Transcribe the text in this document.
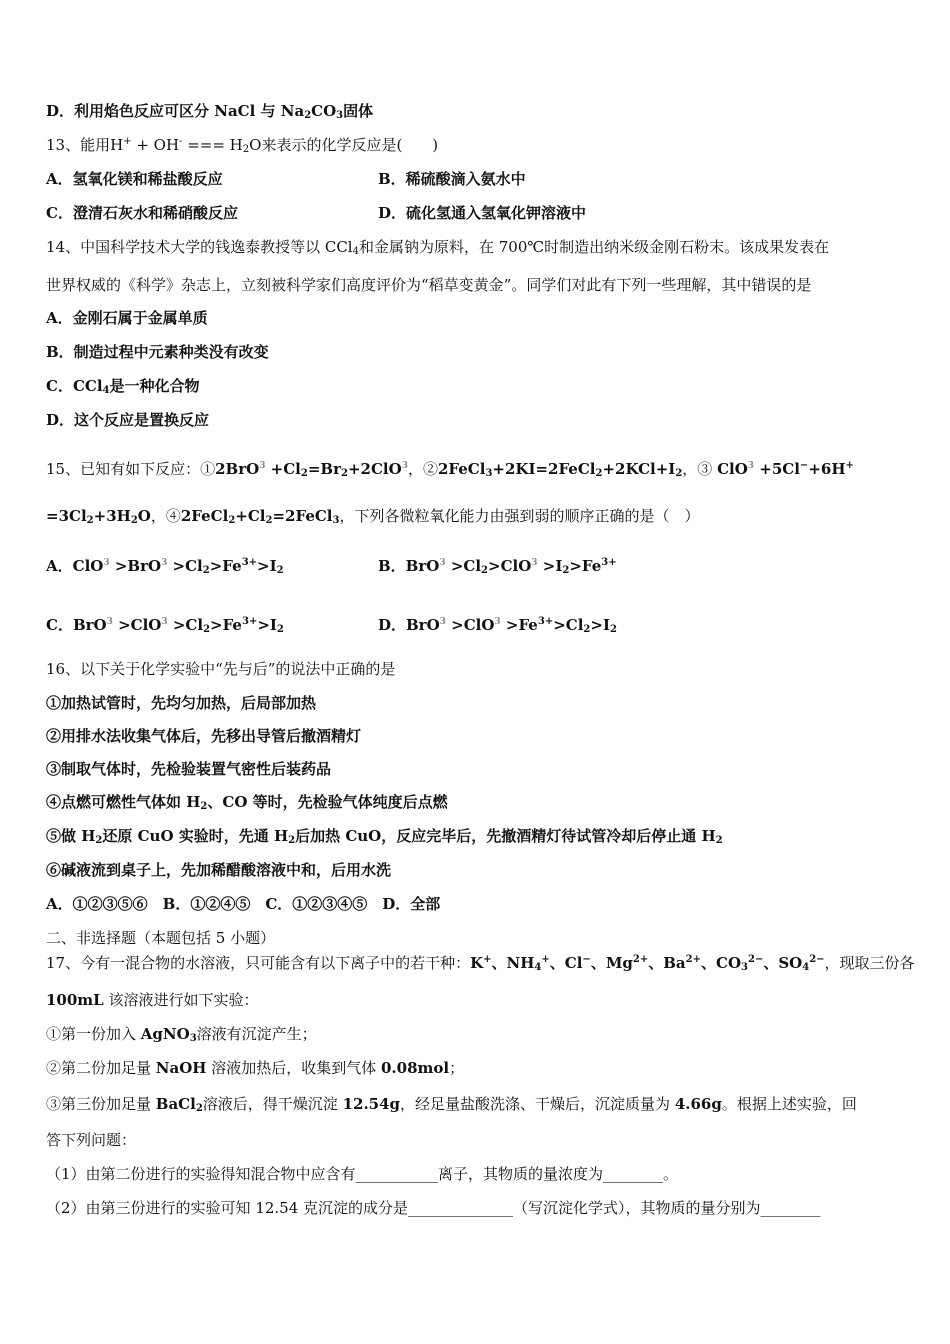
D．利用焰色反应可区分 NaCl 与 $Na_2CO_3$固体
13、能用H+ + OH- === $H_2O$来表示的化学反应是(　　)
A．氢氧化镁和稀盐酸反应	B．稀硫酸滴入氨水中
C．澄清石灰水和稀硝酸反应	D．硫化氢通入氢氧化钾溶液中
14、中国科学技术大学的钱逸泰教授等以 CCl$_4$和金属钠为原料，在 700℃时制造出纳米级金刚石粉末。该成果发表在
世界权威的《科学》杂志上，立刻被科学家们高度评价为“稻草变黄金”。同学们对此有下列一些理解，其中错误的是
A．金刚石属于金属单质
B．制造过程中元素种类没有改变
C．CCl$_4$是一种化合物
D．这个反应是置换反应
15、已知有如下反应：①2BrO$^3$ $+Cl_2=Br_2+2ClO^3$，$②2FeCl_3+2KI=2FeCl_2+2KCl+I_2$，③ ClO$^3$ +5Cl−+6H+
$=3Cl_2+3H_2O$，$④2FeCl_2+Cl_2=2FeCl_3$，下列各微粒氧化能力由强到弱的顺序正确的是（　）
A．$ClO^3 >BrO^3 >Cl_2>Fe^{3+}>I_2$	B．$BrO^3 >Cl_2>ClO^3 >I_2>Fe^{3+}$
C．$BrO^3 >ClO^3 >Cl_2>Fe^{3+}>I_2$	D．$BrO^3 >ClO^3 >Fe^{3+}>Cl_2>I_2$
16、以下关于化学实验中“先与后”的说法中正确的是
①加热试管时，先均匀加热，后局部加热
②用排水法收集气体后，先移出导管后撤酒精灯
③制取气体时，先检验装置气密性后装药品
④点燃可燃性气体如 $H_2$、CO 等时，先检验气体纯度后点燃
⑤做 $H_2$还原 CuO 实验时，先通 $H_2$后加热 CuO，反应完毕后，先撤酒精灯待试管冷却后停止通 $H_2$
⑥碱液流到桌子上，先加稀醋酸溶液中和，后用水洗
A．①②③⑤⑥　B．①②④⑤　C．①②③④⑤　D．全部
二、非选择题（本题包括 5 小题）
17、今有一混合物的水溶液，只可能含有以下离子中的若干种：K+、$NH_4^+$、Cl−、$Mg^{2+}$、$Ba^{2+}$、$CO_3^{2-}$、$SO_4^{2-}$，现取三份各
100mL 该溶液进行如下实验：
①第一份加入 AgNO$_3$溶液有沉淀产生；
②第二份加足量 NaOH 溶液加热后，收集到气体 0.08mol；
③第三份加足量 BaCl$_2$溶液后，得干燥沉淀 12.54g，经足量盐酸洗涤、干燥后，沉淀质量为 4.66g。根据上述实验，回
答下列问题：
（1）由第二份进行的实验得知混合物中应含有___________离子，其物质的量浓度为________。
（2）由第三份进行的实验可知 12.54 克沉淀的成分是______________（写沉淀化学式），其物质的量分别为________
